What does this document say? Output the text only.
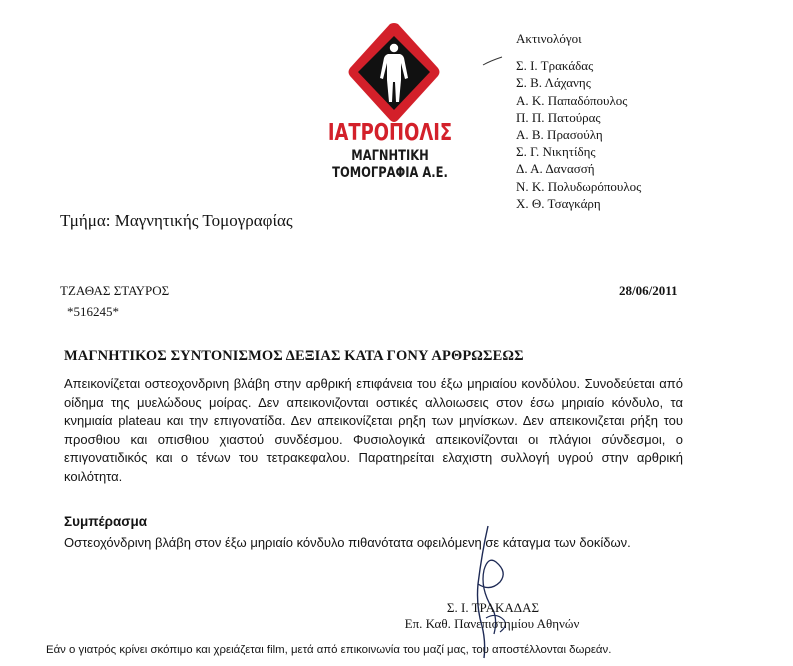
ΙΑΤΡΟΠΟΛΙΣ
ΜΑΓΝΗΤΙΚΗ
ΤΟΜΟΓΡΑΦΙΑ Α.Ε.
Ακτινολόγοι
Σ. Ι. Τρακάδας
Σ. Β. Λάχανης
Α. Κ. Παπαδόπουλος
Π. Π. Πατούρας
Α. Β. Πρασούλη
Σ. Γ. Νικητίδης
Δ. Α. Δαvασσή
Ν. Κ. Πολυδωρόπουλος
Χ. Θ. Τσαγκάρη
Τμήμα: Μαγνητικής Τομογραφίας
ΤΖΑΘΑΣ ΣΤΑΥΡΟΣ	28/06/2011
*516245*
ΜΑΓΝΗΤΙΚΟΣ ΣΥΝΤΟΝΙΣΜΟΣ ΔΕΞΙΑΣ ΚΑΤΑ ΓΟΝΥ ΑΡΘΡΩΣΕΩΣ
Απεικονίζεται οστεοχονδρινη βλάβη στην αρθρική επιφάνεια του έξω μηριαίου κονδύλου. Συνοδεύεται από οίδημα της μυελώδους μοίρας. Δεν απεικονιζονται οστικές αλλοιωσεις στον έσω μηριαίο κόνδυλο, τα κνημιαία plateau και την επιγονατίδα. Δεν απεικονίζεται ρηξη των μηνίσκων. Δεν απεικονιζεται ρήξη του προσθιου και οπισθιου χιαστού συνδέσμου. Φυσιολογικά απεικονίζονται οι πλάγιοι σύνδεσμοι, ο επιγονατιδικός και ο τένων του τετρακεφαλου. Παρατηρείται ελαχιστη συλλογή υγρού στην αρθρική κοιλότητα.
Συμπέρασμα
Οστεοχόνδρινη βλάβη στον έξω μηριαίο κόνδυλο πιθανότατα οφειλόμενη σε κάταγμα των δοκίδων.
Σ. Ι. ΤΡΑΚΑΔΑΣ
Επ. Καθ. Πανεπιστημίου Αθηνών
Εάν ο γιατρός κρίνει σκόπιμο και χρειάζεται film, μετά από επικοινωνία του μαζί μας, του αποστέλλονται δωρεάν.
